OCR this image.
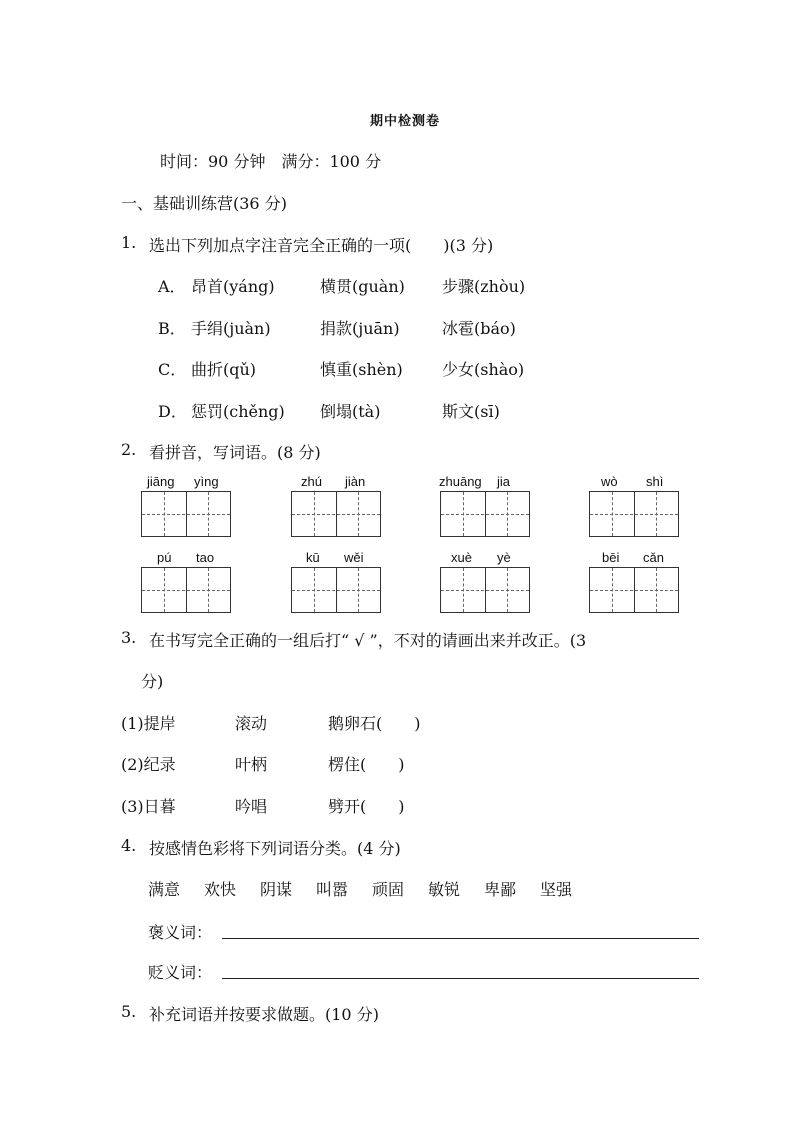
期中检测卷
时间：90 分钟　满分：100 分
一、基础训练营(36 分)
1. 选出下列加点字注音完全正确的一项(　　)(3 分)
A． 昂首(yáng)	横贯(guàn) 步骤(zhòu)
B． 手绢(juàn)	捐款(juān)	冰雹(báo)
C． 曲折(qǔ)	慎重(shèn) 少女(shào)
D． 惩罚(chěng) 倒塌(tà)	斯文(sī)
2. 看拼音，写词语。(8 分)
jiāng yìng	zhú jiàn	zhuāng jia	wò shì
pú tao	kū wěi	xuè yè	bēi cǎn
3. 在书写完全正确的一组后打“ √ ”，不对的请画出来并改正。(3
分)
(1)提岸	滚动	鹅卵石(　　)
(2)纪录	叶柄	楞住(　　)
(3)日暮	吟唱	劈开(　　)
4. 按感情色彩将下列词语分类。(4 分)
满意 欢快 阴谋 叫嚣 顽固 敏锐 卑鄙 坚强
褒义词：
贬义词：
5. 补充词语并按要求做题。(10 分)
